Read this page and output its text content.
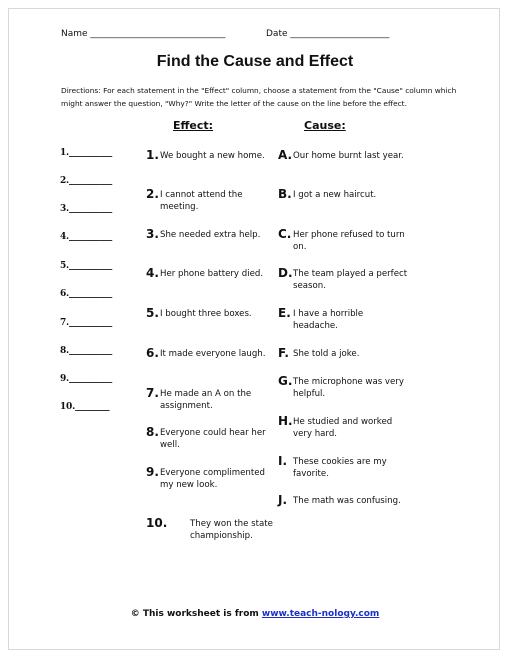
Name ______________________________	Date ______________________
Find the Cause and Effect
Directions: For each statement in the "Effect" column, choose a statement from the "Cause" column which might answer the question, "Why?" Write the letter of the cause on the line before the effect.
Effect:	Cause:
1.__________
2.__________
3.__________
4.__________
5.__________
6.__________
7.__________
8.__________
9.__________
10.________
1. We bought a new home.
2. I cannot attend the meeting.
3. She needed extra help.
4. Her phone battery died.
5. I bought three boxes.
6. It made everyone laugh.
7. He made an A on the assignment.
8. Everyone could hear her well.
9. Everyone complimented my new look.
10.	They won the state championship.
A. Our home burnt last year.
B. I got a new haircut.
C. Her phone refused to turn on.
D. The team played a perfect season.
E. I have a horrible headache.
F. She told a joke.
G. The microphone was very helpful.
H. He studied and worked very hard.
I. These cookies are my favorite.
J. The math was confusing.
© This worksheet is from www.teach-nology.com
